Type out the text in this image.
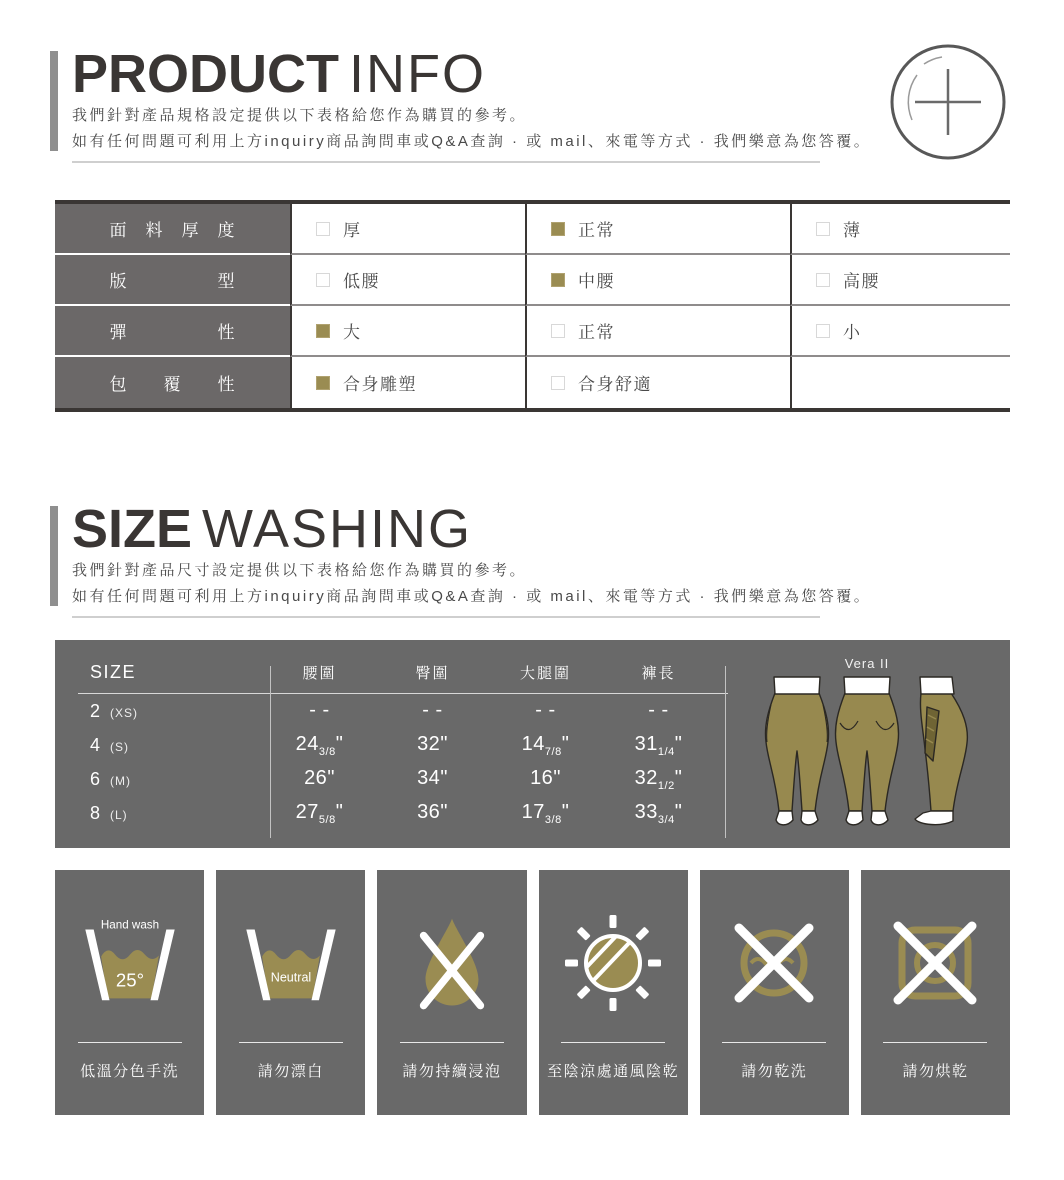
PRODUCT INFO
我們針對產品規格設定提供以下表格給您作為購買的參考。
如有任何問題可利用上方inquiry商品詢問車或Q&A查詢 · 或 mail、來電等方式 · 我們樂意為您答覆。
面 料 厚 度	厚	正常	薄
版 型	低腰	中腰	高腰
彈 性	大	正常	小
包 覆 性	合身雕塑	合身舒適
SIZE WASHING
我們針對產品尺寸設定提供以下表格給您作為購買的參考。
如有任何問題可利用上方inquiry商品詢問車或Q&A查詢 · 或 mail、來電等方式 · 我們樂意為您答覆。
SIZE	腰圍	臀圍	大腿圍	褲長
2 (XS)	- -	- -	- -	- -
4 (S)	$24_{3/8}$"	32"	$14_{7/8}$"	$31_{1/4}$"
6 (M)	26"	34"	16"	$32_{1/2}$"
8 (L)	$27_{5/8}$"	36"	$17_{3/8}$"	$33_{3/4}$"
Vera II
Hand wash
25°
低溫分色手洗
Neutral
請勿漂白	請勿持續浸泡	至陰涼處通風陰乾	請勿乾洗	請勿烘乾
